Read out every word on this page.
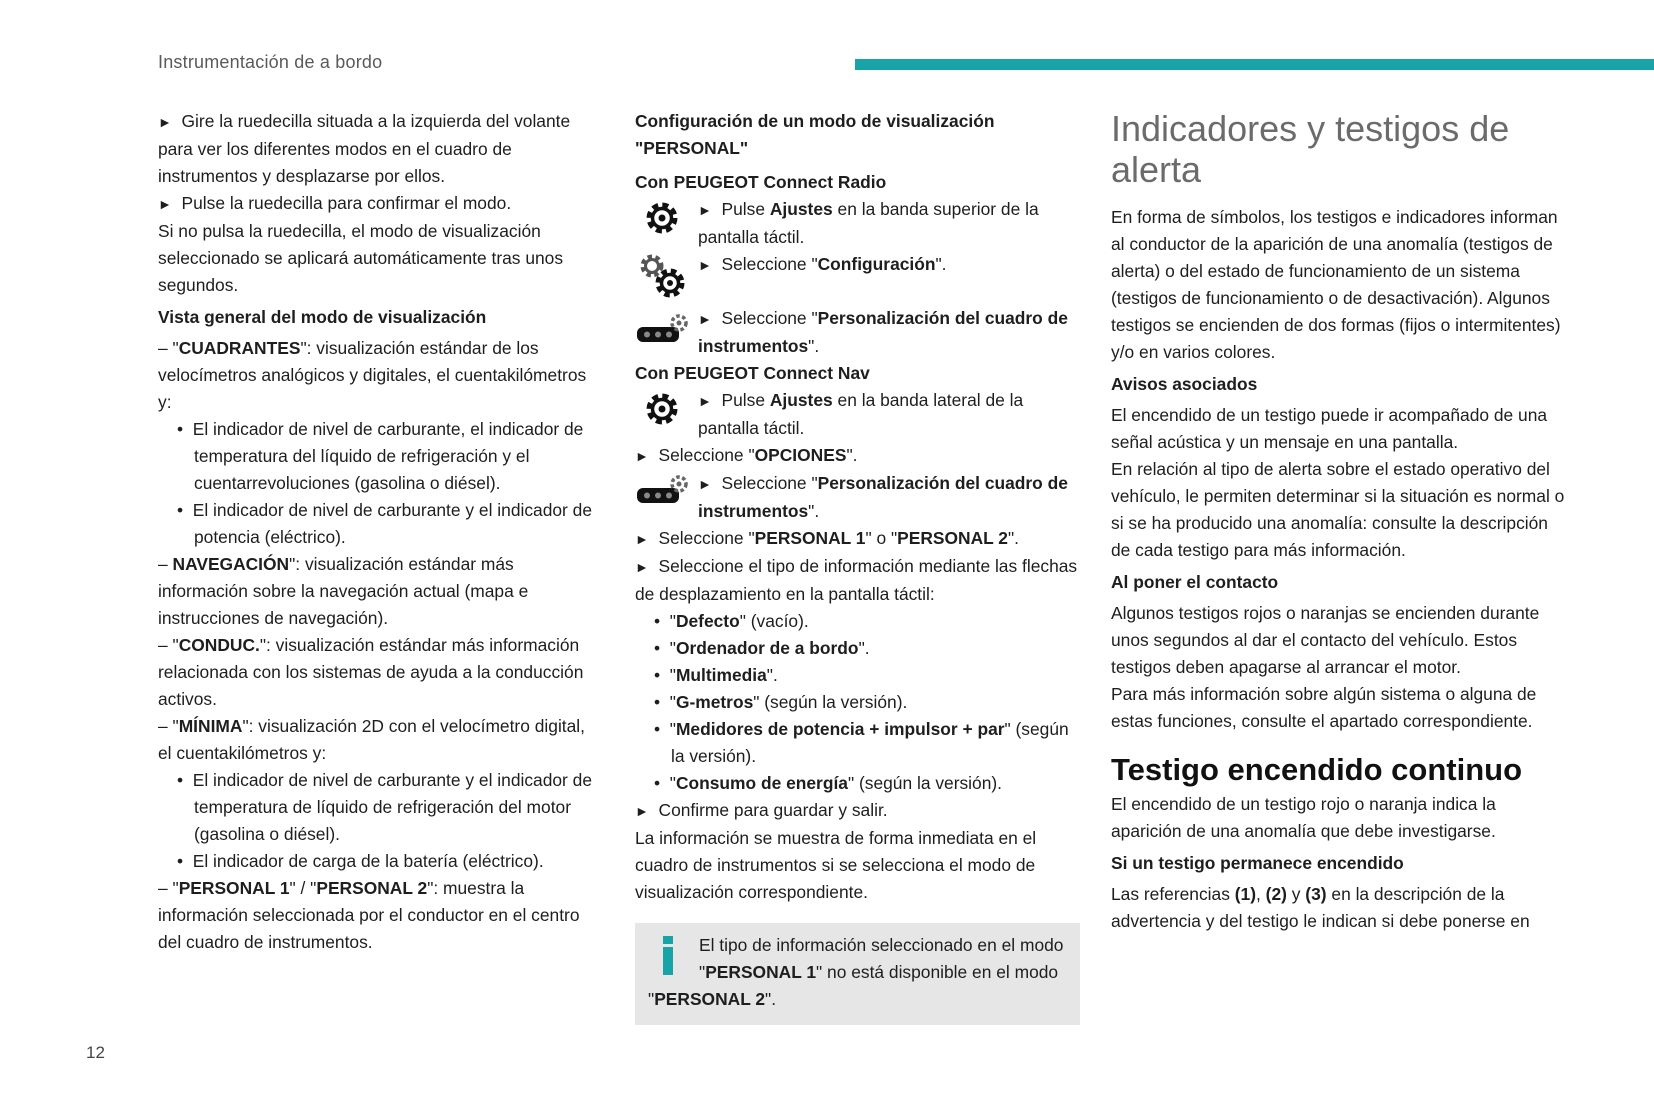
Instrumentación de a bordo
12

► Gire la ruedecilla situada a la izquierda del volante para ver los diferentes modos en el cuadro de instrumentos y desplazarse por ellos.

► Pulse la ruedecilla para confirmar el modo.

Si no pulsa la ruedecilla, el modo de visualización seleccionado se aplicará automáticamente tras unos segundos.

Vista general del modo de visualización

– "CUADRANTES": visualización estándar de los velocímetros analógicos y digitales, el cuentakilómetros y:

•  El indicador de nivel de carburante, el indicador de temperatura del líquido de refrigeración y el cuentarrevoluciones (gasolina o diésel).

•  El indicador de nivel de carburante y el indicador de potencia (eléctrico).

– NAVEGACIÓN": visualización estándar más información sobre la navegación actual (mapa e instrucciones de navegación).

– "CONDUC.": visualización estándar más información relacionada con los sistemas de ayuda a la conducción activos.

– "MÍNIMA": visualización 2D con el velocímetro digital, el cuentakilómetros y:

•  El indicador de nivel de carburante y el indicador de temperatura de líquido de refrigeración del motor (gasolina o diésel).

•  El indicador de carga de la batería (eléctrico).

– "PERSONAL 1" / "PERSONAL 2": muestra la información seleccionada por el conductor en el centro del cuadro de instrumentos.

Configuración de un modo de visualización "PERSONAL"

Con PEUGEOT Connect Radio

► Pulse Ajustes en la banda superior de la pantalla táctil.

► Seleccione "Configuración".

► Seleccione "Personalización del cuadro de instrumentos".

Con PEUGEOT Connect Nav

► Pulse Ajustes en la banda lateral de la pantalla táctil.

► Seleccione "OPCIONES".

► Seleccione "Personalización del cuadro de instrumentos".

► Seleccione "PERSONAL 1" o "PERSONAL 2".

► Seleccione el tipo de información mediante las flechas de desplazamiento en la pantalla táctil:

•  "Defecto" (vacío).

•  "Ordenador de a bordo".

•  "Multimedia".

•  "G-metros" (según la versión).

•  "Medidores de potencia + impulsor + par" (según la versión).

•  "Consumo de energía" (según la versión).

► Confirme para guardar y salir.

La información se muestra de forma inmediata en el cuadro de instrumentos si se selecciona el modo de visualización correspondiente.

El tipo de información seleccionado en el modo "PERSONAL 1" no está disponible en el modo "PERSONAL 2".

Indicadores y testigos de alerta

En forma de símbolos, los testigos e indicadores informan al conductor de la aparición de una anomalía (testigos de alerta) o del estado de funcionamiento de un sistema (testigos de funcionamiento o de desactivación). Algunos testigos se encienden de dos formas (fijos o intermitentes) y/o en varios colores.

Avisos asociados

El encendido de un testigo puede ir acompañado de una señal acústica y un mensaje en una pantalla.

En relación al tipo de alerta sobre el estado operativo del vehículo, le permiten determinar si la situación es normal o si se ha producido una anomalía: consulte la descripción de cada testigo para más información.

Al poner el contacto

Algunos testigos rojos o naranjas se encienden durante unos segundos al dar el contacto del vehículo. Estos testigos deben apagarse al arrancar el motor.

Para más información sobre algún sistema o alguna de estas funciones, consulte el apartado correspondiente.

Testigo encendido continuo

El encendido de un testigo rojo o naranja indica la aparición de una anomalía que debe investigarse.

Si un testigo permanece encendido

Las referencias (1), (2) y (3) en la descripción de la advertencia y del testigo le indican si debe ponerse en
